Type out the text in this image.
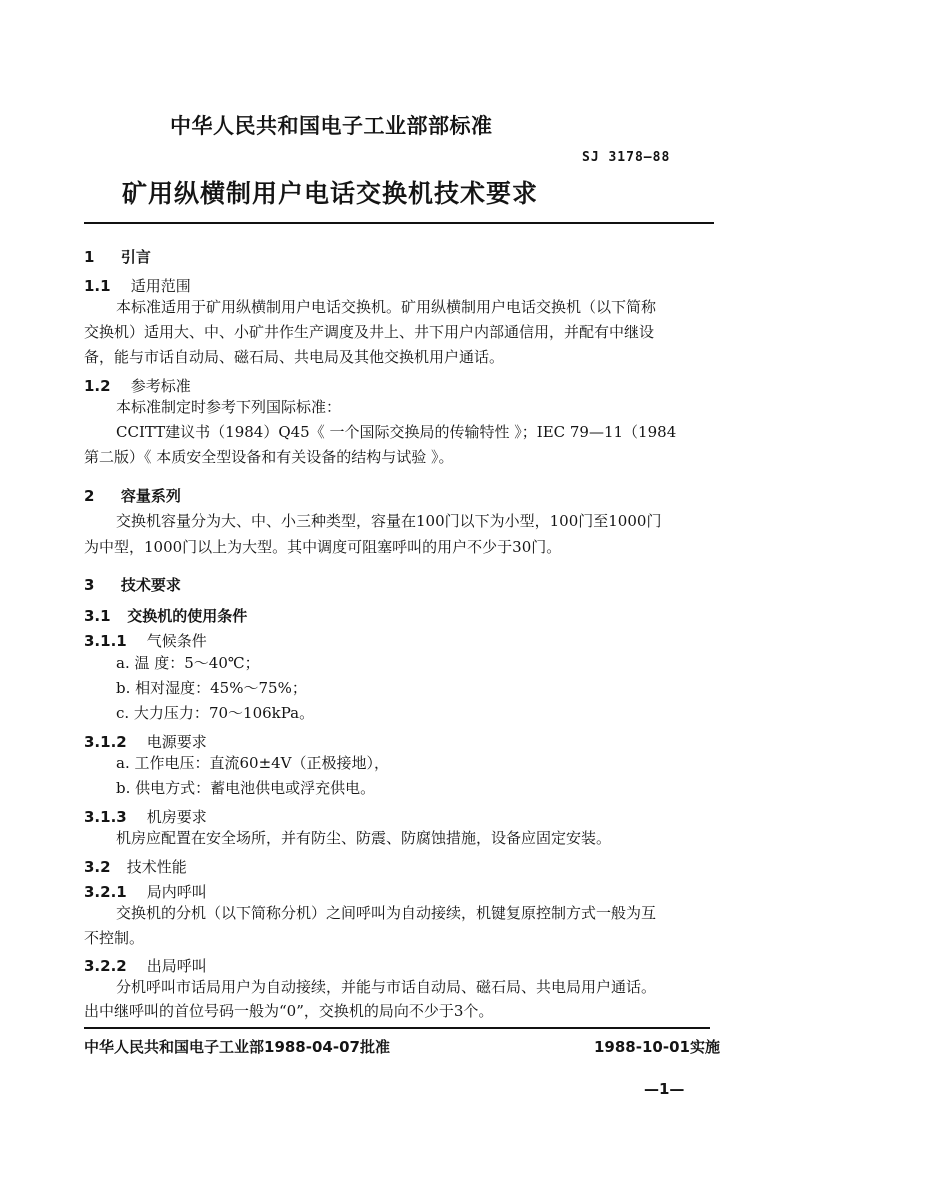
中华人民共和国电子工业部部标准
SJ 3178—88
矿用纵横制用户电话交换机技术要求
1 引言
1.1 适用范围
本标准适用于矿用纵横制用户电话交换机。矿用纵横制用户电话交换机（以下简称
交换机）适用大、中、小矿井作生产调度及井上、井下用户内部通信用，并配有中继设
备，能与市话自动局、磁石局、共电局及其他交换机用户通话。
1.2 参考标准
本标准制定时参考下列国际标准：
CCITT建议书（1984）Q45《 一个国际交换局的传输特性 》；IEC 79—11（1984
第二版）《 本质安全型设备和有关设备的结构与试验 》。
2 容量系列
交换机容量分为大、中、小三种类型，容量在100门以下为小型，100门至1000门
为中型，1000门以上为大型。其中调度可阻塞呼叫的用户不少于30门。
3 技术要求
3.1 交换机的使用条件
3.1.1 气候条件
a. 温 度：5～40℃；
b. 相对湿度：45%～75%；
c. 大力压力：70～106kPa。
3.1.2 电源要求
a. 工作电压：直流60±4V（正极接地），
b. 供电方式：蓄电池供电或浮充供电。
3.1.3 机房要求
机房应配置在安全场所，并有防尘、防震、防腐蚀措施，设备应固定安装。
3.2 技术性能
3.2.1 局内呼叫
交换机的分机（以下简称分机）之间呼叫为自动接续，机键复原控制方式一般为互
不控制。
3.2.2 出局呼叫
分机呼叫市话局用户为自动接续，并能与市话自动局、磁石局、共电局用户通话。
出中继呼叫的首位号码一般为“0”，交换机的局向不少于3个。
中华人民共和国电子工业部1988-04-07批准	1988-10-01实施
—1—
